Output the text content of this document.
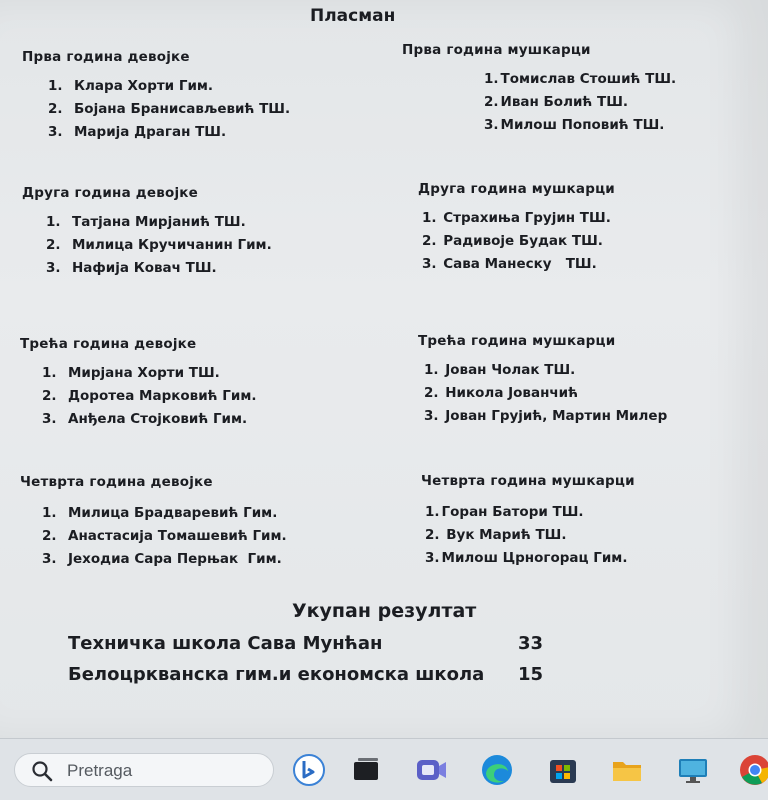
Пласман
Прва година девојке
1. Клара Хорти Гим.
2. Бојана Бранисављевић ТШ.
3. Марија Драган ТШ.
Прва година мушкарци
1. Томислав Стошић ТШ.
2. Иван Болић ТШ.
3. Милош Поповић ТШ.
Друга година девојке
1. Татјана Мирјанић ТШ.
2. Милица Кручичанин Гим.
3. Нафија Ковач ТШ.
Друга година мушкарци
1. Страхиња Грујин ТШ.
2. Радивоје Будак ТШ.
3. Сава Манеску   ТШ.
Трећа година девојке
1. Мирјана Хорти ТШ.
2. Доротеа Марковић Гим.
3. Анђела Стојковић Гим.
Трећа година мушкарци
1. Јован Чолак ТШ.
2. Никола Јованчић
3. Јован Грујић, Мартин Милер
Четврта година девојке
1. Милица Брадваревић Гим.
2. Анастасија Томашевић Гим.
3. Јеходиа Сара Перњак  Гим.
Четврта година мушкарци
1. Горан Батори ТШ.
2. Вук Марић ТШ.
3. Милош Црногорац Гим.
Укупан резултат
Техничка школа Сава Мунћан	33
Белоцркванска гим.и економска школа 15
Pretraga
